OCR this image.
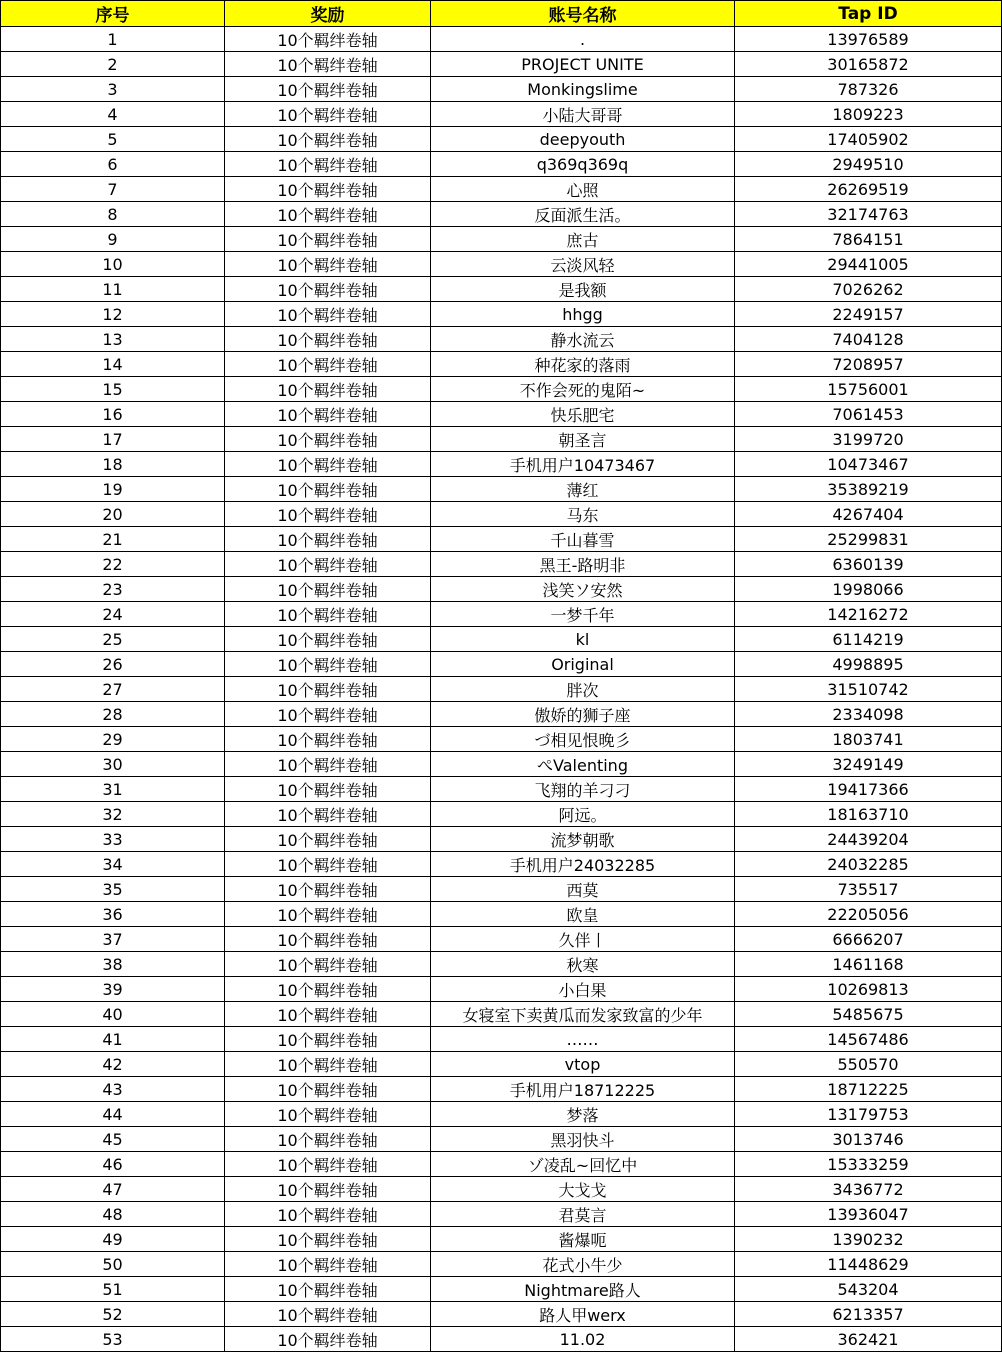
序号	奖励	账号名称	Tap ID
1	10个羁绊卷轴	.	13976589
2	10个羁绊卷轴	PROJECT UNITE	30165872
3	10个羁绊卷轴	Monkingslime	787326
4	10个羁绊卷轴	小陆大哥哥	1809223
5	10个羁绊卷轴	deepyouth	17405902
6	10个羁绊卷轴	q369q369q	2949510
7	10个羁绊卷轴	心照	26269519
8	10个羁绊卷轴	反面派生活。	32174763
9	10个羁绊卷轴	庶古	7864151
10	10个羁绊卷轴	云淡风轻	29441005
11	10个羁绊卷轴	是我额	7026262
12	10个羁绊卷轴	hhgg	2249157
13	10个羁绊卷轴	静水流云	7404128
14	10个羁绊卷轴	种花家的落雨	7208957
15	10个羁绊卷轴	不作会死的鬼陌~	15756001
16	10个羁绊卷轴	快乐肥宅	7061453
17	10个羁绊卷轴	朝圣言	3199720
18	10个羁绊卷轴	手机用户10473467	10473467
19	10个羁绊卷轴	薄红	35389219
20	10个羁绊卷轴	马东	4267404
21	10个羁绊卷轴	千山暮雪	25299831
22	10个羁绊卷轴	黑王-路明非	6360139
23	10个羁绊卷轴	浅笑ソ安然	1998066
24	10个羁绊卷轴	一梦千年	14216272
25	10个羁绊卷轴	kl	6114219
26	10个羁绊卷轴	Original	4998895
27	10个羁绊卷轴	胖次	31510742
28	10个羁绊卷轴	傲娇的狮子座	2334098
29	10个羁绊卷轴	づ相见恨晚彡	1803741
30	10个羁绊卷轴	ぺValenting	3249149
31	10个羁绊卷轴	飞翔的羊刁刁	19417366
32	10个羁绊卷轴	阿远。	18163710
33	10个羁绊卷轴	流梦朝歌	24439204
34	10个羁绊卷轴	手机用户24032285	24032285
35	10个羁绊卷轴	西莫	735517
36	10个羁绊卷轴	欧皇	22205056
37	10个羁绊卷轴	久伴丨	6666207
38	10个羁绊卷轴	秋寒	1461168
39	10个羁绊卷轴	小白果	10269813
40	10个羁绊卷轴	女寝室下卖黄瓜而发家致富的少年	5485675
41	10个羁绊卷轴	……	14567486
42	10个羁绊卷轴	vtop	550570
43	10个羁绊卷轴	手机用户18712225	18712225
44	10个羁绊卷轴	梦落	13179753
45	10个羁绊卷轴	黑羽快斗	3013746
46	10个羁绊卷轴	ゾ凌乱~回忆中	15333259
47	10个羁绊卷轴	大戈戈	3436772
48	10个羁绊卷轴	君莫言	13936047
49	10个羁绊卷轴	酱爆呃	1390232
50	10个羁绊卷轴	花式小牛少	11448629
51	10个羁绊卷轴	Nightmare路人	543204
52	10个羁绊卷轴	路人甲werx	6213357
53	10个羁绊卷轴	11.02	362421
